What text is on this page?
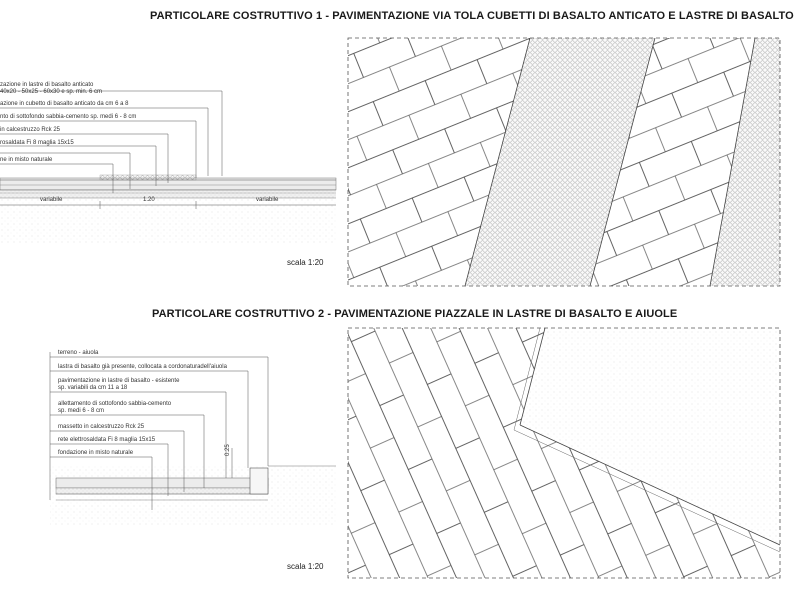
PARTICOLARE COSTRUTTIVO 1 - PAVIMENTAZIONE VIA TOLA CUBETTI DI BASALTO ANTICATO E LASTRE DI BASALTO
PARTICOLARE COSTRUTTIVO 2 - PAVIMENTAZIONE PIAZZALE IN LASTRE DI BASALTO E AIUOLE
zazione in lastre di basalto anticato
40x20 - 50x25 - 60x30 e sp. min. 6 cm
azione in cubetto di basalto anticato da cm 6 a 8
nto di sottofondo sabbia-cemento sp. medi 6 - 8 cm
in calcestruzzo Rck 25
rosaldata Fi 8 maglia 15x15
ne in misto naturale
variabile	1.20	variabile
scala 1:20
terreno - aiuola
lastra di basalto già presente, collocata a cordonaturadell'aiuola
pavimentazione in lastre di basalto - esistente
sp. variabili da cm 11 a 18
allettamento di sottofondo sabbia-cemento
sp. medi 6 - 8 cm
massetto in calcestruzzo Rck 25
rete elettrosaldata Fi 8 maglia 15x15
fondazione in misto naturale	0.25
scala 1:20
